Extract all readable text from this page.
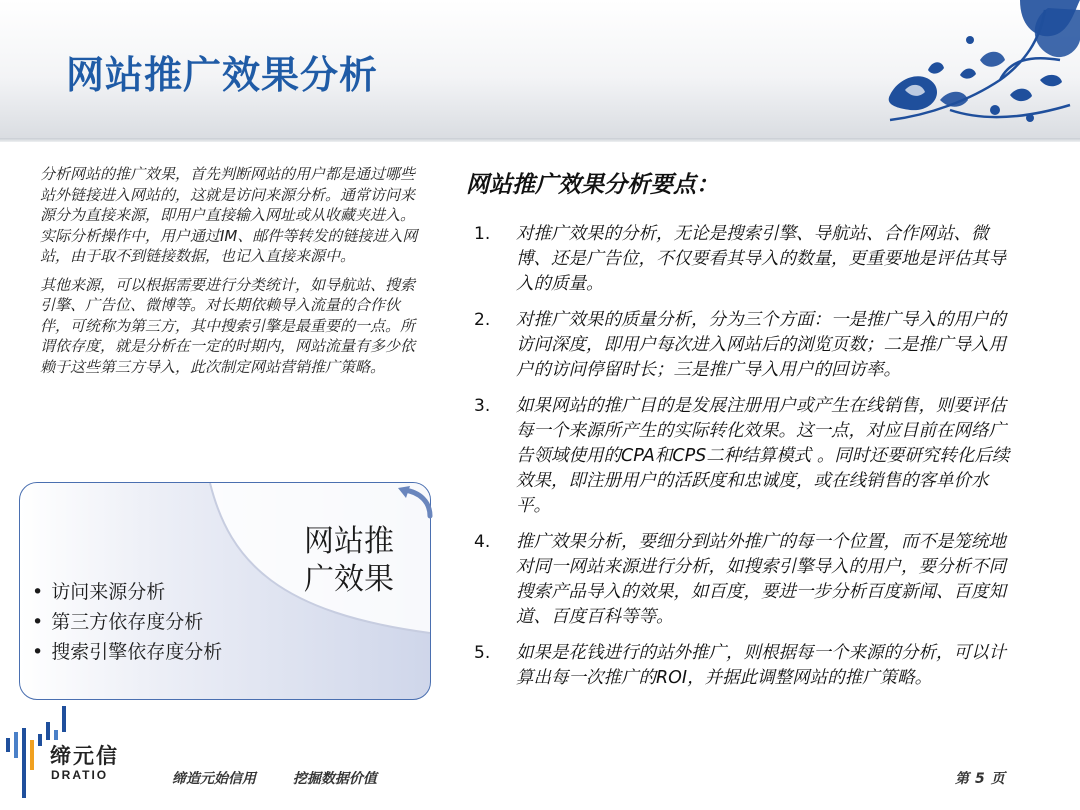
网站推广效果分析

分析网站的推广效果，首先判断网站的用户都是通过哪些站外链接进入网站的，这就是访问来源分析。通常访问来源分为直接来源，即用户直接输入网址或从收藏夹进入。实际分析操作中，用户通过IM、邮件等转发的链接进入网站，由于取不到链接数据，也记入直接来源中。

其他来源，可以根据需要进行分类统计，如导航站、搜索引擎、广告位、微博等。对长期依赖导入流量的合作伙伴，可统称为第三方，其中搜索引擎是最重要的一点。所谓依存度，就是分析在一定的时期内，网站流量有多少依赖于这些第三方导入，此次制定网站营销推广策略。

网站推
广效果
• 访问来源分析
• 第三方依存度分析
• 搜索引擎依存度分析
网站推广效果分析要点：
1. 对推广效果的分析，无论是搜索引擎、导航站、合作网站、微博、还是广告位，不仅要看其导入的数量，更重要地是评估其导入的质量。
2. 对推广效果的质量分析，分为三个方面：一是推广导入的用户的访问深度，即用户每次进入网站后的浏览页数；二是推广导入用户的访问停留时长；三是推广导入用户的回访率。
3. 如果网站的推广目的是发展注册用户或产生在线销售，则要评估每一个来源所产生的实际转化效果。这一点，对应目前在网络广告领域使用的CPA和CPS二种结算模式 。同时还要研究转化后续效果，即注册用户的活跃度和忠诚度，或在线销售的客单价水平。
4. 推广效果分析，要细分到站外推广的每一个位置，而不是笼统地对同一网站来源进行分析，如搜索引擎导入的用户，要分析不同搜索产品导入的效果，如百度，要进一步分析百度新闻、百度知道、百度百科等等。
5. 如果是花钱进行的站外推广，则根据每一个来源的分析，可以计算出每一次推广的ROI，并据此调整网站的推广策略。
缔元信
DRATIO	缔造元始信用	挖掘数据价值	第 5 页
